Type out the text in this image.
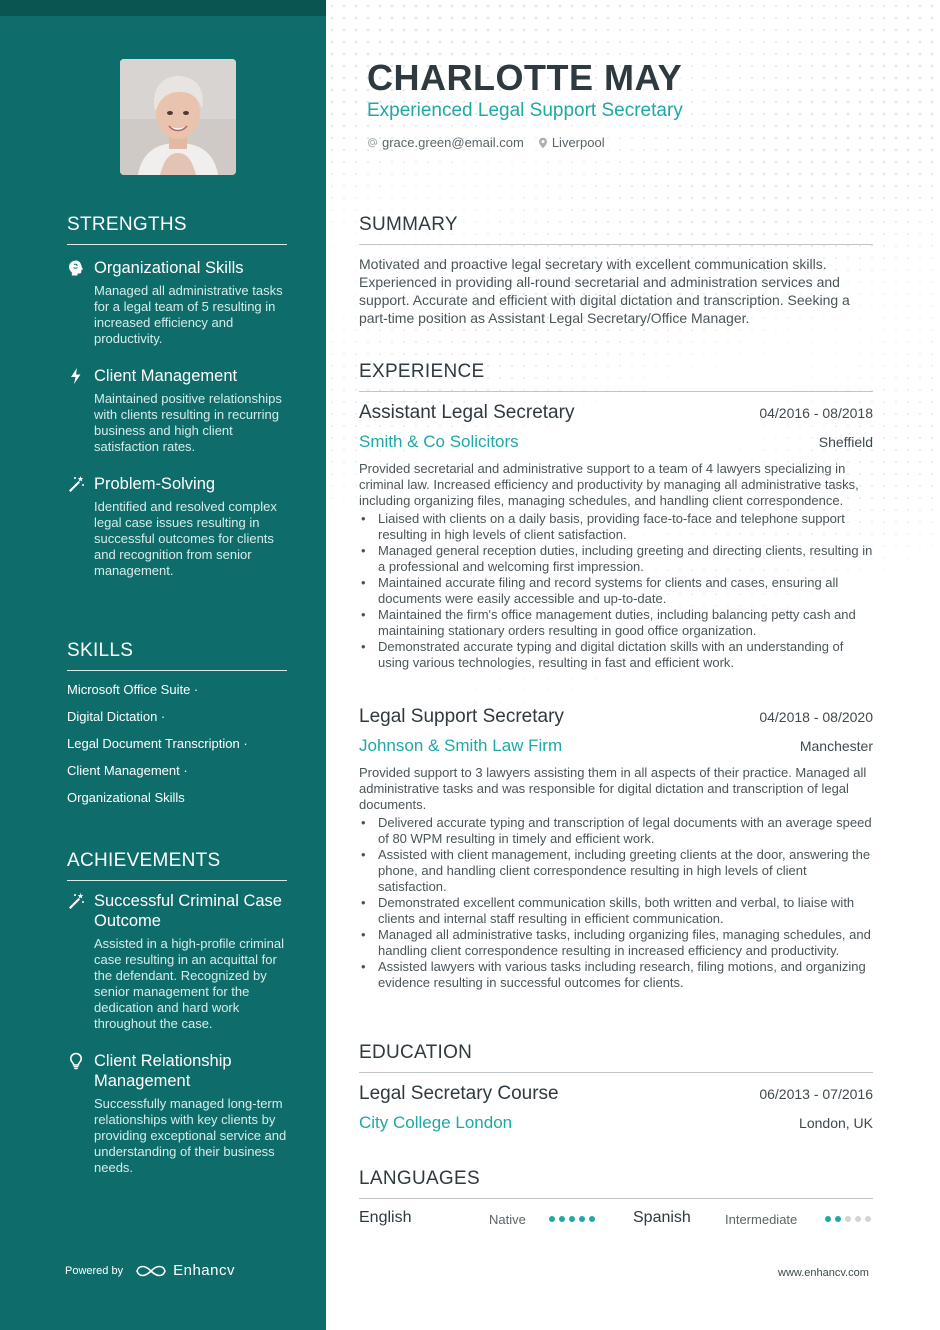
STRENGTHS
Organizational Skills
Managed all administrative tasks for a legal team of 5 resulting in increased efficiency and productivity.
Client Management
Maintained positive relationships with clients resulting in recurring business and high client satisfaction rates.
Problem-Solving
Identified and resolved complex legal case issues resulting in successful outcomes for clients and recognition from senior management.
SKILLS
Microsoft Office Suite ·
Digital Dictation ·
Legal Document Transcription ·
Client Management ·
Organizational Skills
ACHIEVEMENTS
Successful Criminal Case Outcome
Assisted in a high-profile criminal case resulting in an acquittal for the defendant. Recognized by senior management for the dedication and hard work throughout the case.
Client Relationship Management
Successfully managed long-term relationships with key clients by providing exceptional service and understanding of their business needs.
Powered by	Enhancv
CHARLOTTE MAY
Experienced Legal Support Secretary
grace.green@email.com Liverpool
SUMMARY
Motivated and proactive legal secretary with excellent communication skills. Experienced in providing all-round secretarial and administration services and support. Accurate and efficient with digital dictation and transcription. Seeking a part-time position as Assistant Legal Secretary/Office Manager.
EXPERIENCE
Assistant Legal Secretary	04/2016 - 08/2018
Smith & Co Solicitors	Sheffield
Provided secretarial and administrative support to a team of 4 lawyers specializing in criminal law. Increased efficiency and productivity by managing all administrative tasks, including organizing files, managing schedules, and handling client correspondence.
• Liaised with clients on a daily basis, providing face-to-face and telephone support resulting in high levels of client satisfaction.
• Managed general reception duties, including greeting and directing clients, resulting in a professional and welcoming first impression.
• Maintained accurate filing and record systems for clients and cases, ensuring all documents were easily accessible and up-to-date.
• Maintained the firm's office management duties, including balancing petty cash and maintaining stationary orders resulting in good office organization.
• Demonstrated accurate typing and digital dictation skills with an understanding of using various technologies, resulting in fast and efficient work.
Legal Support Secretary	04/2018 - 08/2020
Johnson & Smith Law Firm	Manchester
Provided support to 3 lawyers assisting them in all aspects of their practice. Managed all administrative tasks and was responsible for digital dictation and transcription of legal documents.
• Delivered accurate typing and transcription of legal documents with an average speed of 80 WPM resulting in timely and efficient work.
• Assisted with client management, including greeting clients at the door, answering the phone, and handling client correspondence resulting in high levels of client satisfaction.
• Demonstrated excellent communication skills, both written and verbal, to liaise with clients and internal staff resulting in efficient communication.
• Managed all administrative tasks, including organizing files, managing schedules, and handling client correspondence resulting in increased efficiency and productivity.
• Assisted lawyers with various tasks including research, filing motions, and organizing evidence resulting in successful outcomes for clients.
EDUCATION
Legal Secretary Course	06/2013 - 07/2016
City College London	London, UK
LANGUAGES
English	Native	Spanish	Intermediate
www.enhancv.com
